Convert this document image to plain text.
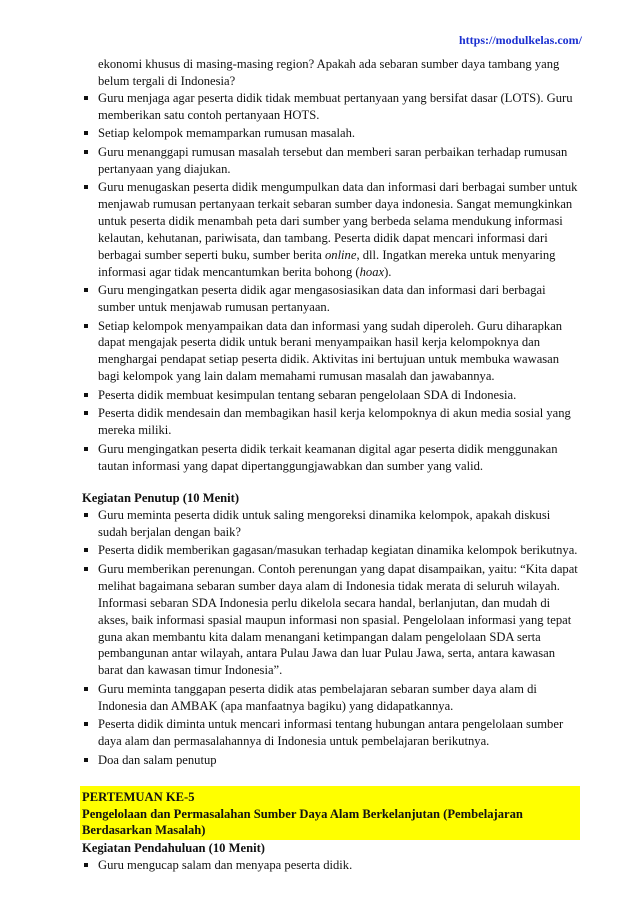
https://modulkelas.com/
ekonomi khusus di masing-masing region? Apakah ada sebaran sumber daya tambang yang belum tergali di Indonesia?
Guru menjaga agar peserta didik tidak membuat pertanyaan yang bersifat dasar (LOTS). Guru memberikan satu contoh pertanyaan HOTS.
Setiap kelompok memamparkan rumusan masalah.
Guru menanggapi rumusan masalah tersebut dan memberi saran perbaikan terhadap rumusan pertanyaan yang diajukan.
Guru menugaskan peserta didik mengumpulkan data dan informasi dari berbagai sumber untuk menjawab rumusan pertanyaan terkait sebaran sumber daya indonesia. Sangat memungkinkan untuk peserta didik menambah peta dari sumber yang berbeda selama mendukung informasi kelautan, kehutanan, pariwisata, dan tambang. Peserta didik dapat mencari informasi dari berbagai sumber seperti buku, sumber berita online, dll. Ingatkan mereka untuk menyaring informasi agar tidak mencantumkan berita bohong (hoax).
Guru mengingatkan peserta didik agar mengasosiasikan data dan informasi dari berbagai sumber untuk menjawab rumusan pertanyaan.
Setiap kelompok menyampaikan data dan informasi yang sudah diperoleh. Guru diharapkan dapat mengajak peserta didik untuk berani menyampaikan hasil kerja kelompoknya dan menghargai pendapat setiap peserta didik. Aktivitas ini bertujuan untuk membuka wawasan bagi kelompok yang lain dalam memahami rumusan masalah dan jawabannya.
Peserta didik membuat kesimpulan tentang sebaran pengelolaan SDA di Indonesia.
Peserta didik mendesain dan membagikan hasil kerja kelompoknya di akun media sosial yang mereka miliki.
Guru mengingatkan peserta didik terkait keamanan digital agar peserta didik menggunakan tautan informasi yang dapat dipertanggungjawabkan dan sumber yang valid.
Kegiatan Penutup (10 Menit)
Guru meminta peserta didik untuk saling mengoreksi dinamika kelompok, apakah diskusi sudah berjalan dengan baik?
Peserta didik memberikan gagasan/masukan terhadap kegiatan dinamika kelompok berikutnya.
Guru memberikan perenungan. Contoh perenungan yang dapat disampaikan, yaitu: “Kita dapat melihat bagaimana sebaran sumber daya alam di Indonesia tidak merata di seluruh wilayah. Informasi sebaran SDA Indonesia perlu dikelola secara handal, berlanjutan, dan mudah di akses, baik informasi spasial maupun informasi non spasial. Pengelolaan informasi yang tepat guna akan membantu kita dalam menangani ketimpangan dalam pengelolaan SDA serta pembangunan antar wilayah, antara Pulau Jawa dan luar Pulau Jawa, serta, antara kawasan barat dan kawasan timur Indonesia”.
Guru meminta tanggapan peserta didik atas pembelajaran sebaran sumber daya alam di Indonesia dan AMBAK (apa manfaatnya bagiku) yang didapatkannya.
Peserta didik diminta untuk mencari informasi tentang hubungan antara pengelolaan sumber daya alam dan permasalahannya di Indonesia untuk pembelajaran berikutnya.
Doa dan salam penutup
PERTEMUAN KE-5
Pengelolaan dan Permasalahan Sumber Daya Alam Berkelanjutan (Pembelajaran Berdasarkan Masalah)
Kegiatan Pendahuluan (10 Menit)
Guru mengucap salam dan menyapa peserta didik.
